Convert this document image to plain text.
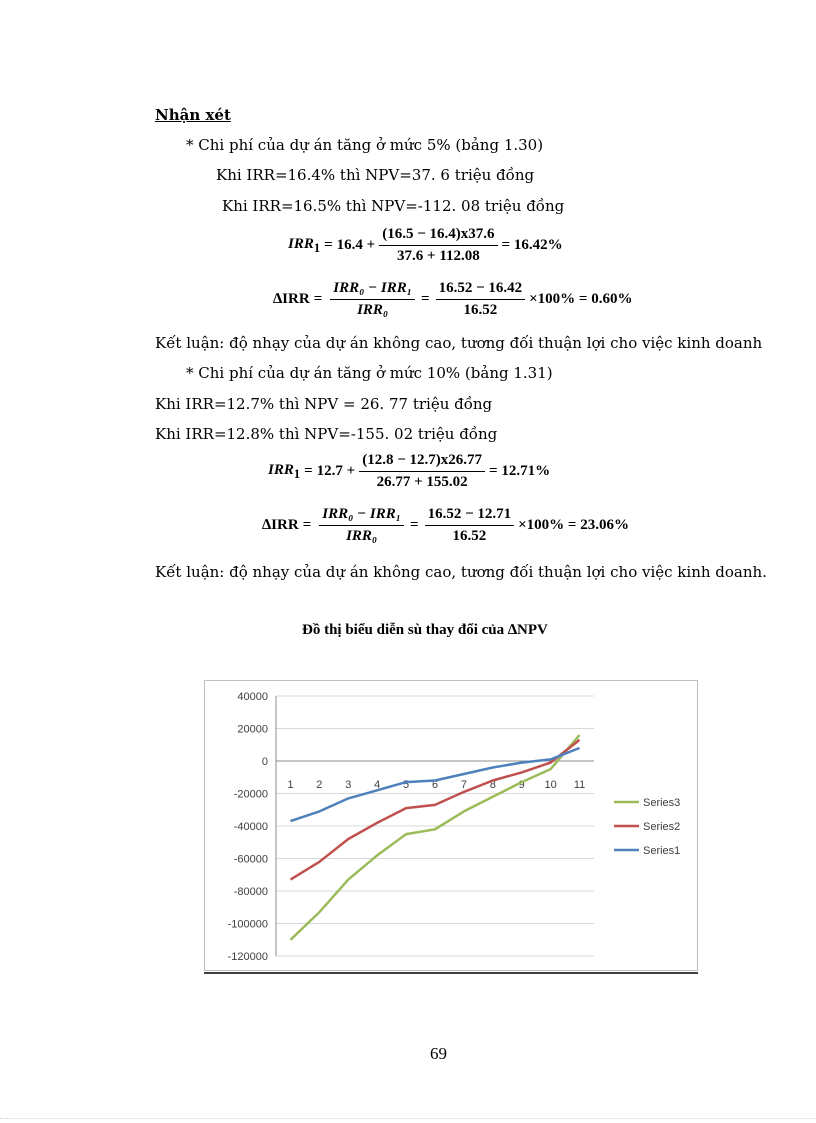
Nhận xét
* Chi phí của dự án tăng ở mức 5% (bảng 1.30)
Khi IRR=16.4% thì NPV=37. 6 triệu đồng
Khi IRR=16.5% thì NPV=-112. 08 triệu đồng
$IRR_1 = 16.4 + \frac{(16.5 - 16.4)x37.6}{37.6 + 112.08} = 16.42\%$
$\Delta IRR = \frac{\text{IRR₀ − IRR₁}}{\text{IRR₀}} = \frac{16.52 - 16.42}{16.52} \times 100\% = 0.60\%$
Kết luận: độ nhạy của dự án không cao, tương đối thuận lợi cho việc kinh doanh
* Chi phí của dự án tăng ở mức 10% (bảng 1.31)
Khi IRR=12.7% thì NPV = 26. 77 triệu đồng
Khi IRR=12.8% thì NPV=-155. 02 triệu đồng
$IRR_1 = 12.7 + \frac{(12.8 - 12.7)x26.77}{26.77 + 155.02} = 12.71\%$
$\Delta IRR = \frac{\text{IRR₀ − IRR₁}}{\text{IRR₀}} = \frac{16.52 - 12.71}{16.52} \times 100\% = 23.06\%$
Kết luận: độ nhạy của dự án không cao, tương đối thuận lợi cho việc kinh doanh.
Đồ thị biểu diễn sù thay đổi của ∆NPV
40000
20000
0
-20000
-40000
-60000
-80000
-100000
-120000
1 2 3 4 5 6 7 8 9 10 11
Series3
Series2
Series1
69
